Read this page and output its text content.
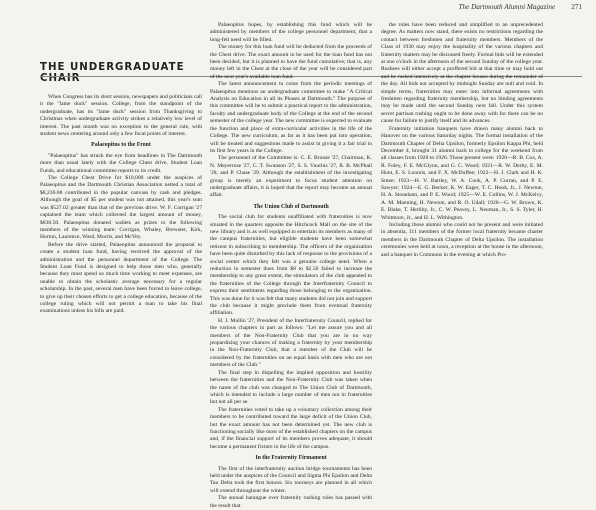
The Dartmouth Alumni Magazine 271
THE UNDERGRADUATE CHAIR

When Congress has its short session, newspapers and politicians call it the "lame duck" session. College, from the standpoint of the undergraduate, has its "lame duck" session from Thanksgiving to Christmas when undergraduate activity strikes a relatively low level of interest. The past month was no exception to the general rule, with student news centering around only a few focal points of interest.

Palaeopitus to the Front

"Palaeopitus" has struck the eye from headlines in The Dartmouth more than usual lately with the College Chest drive, Student Loan Funds, and educational committee reports to its credit.

The College Chest Drive for $10,000 under the auspices of Palaeopitus and the Dartmouth Christian Association netted a total of $8,236.08 contributed in the popular canvass by cash and pledges. Although the goal of $5 per student was not attained, this year's sum was $527.02 greater than that of the previous drive. W. F. Corrigan '27 captained the team which collected the largest amount of money, $838.50. Palaeopitus donated wallets as prizes to the following members of the winning team: Corrigan, Whaley, Brewster, Kirk, Horton, Laurence, Ward, Morris, and McVey.

Before the drive started, Palaeopitus announced the proposal to create a student loan fund, having received the approval of the administration and the personnel department of the College. The Student Loan Fund is designed to help those men who, generally because they must spend so much time working to meet expenses, are unable to obtain the scholastic average necessary for a regular scholarship. In the past, several men have been forced to leave college, to give up their chosen efforts to get a college education, because of the college ruling which will not permit a man to take his final examinations unless his bills are paid.

Palaeopitus hopes, by establishing this fund which will be administered by members of the college personnel department, that a long-felt need will be filled.

The money for this loan fund will be deducted from the proceeds of the Chest drive. The exact amount to be used for the loan fund has not been decided, but it is planned to have the fund cumulative; that is, any money left in the Chest at the close of the year will be considered part of the next year's available loan fund.

The latest announcement to come from the periodic meetings of Palaeopitus mentions an undergraduate committee to make "A Critical Analysis on Education in all its Phases at Dartmouth." The purpose of this committee will be to submit a practical report to the administration, faculty and undergraduate body of the College at the end of the second semester of the college year. The new committee is expected to evaluate the function and place of extra-curricular activities in the life of the College. The new curriculum, as far as it has been put into operation, will be treated and suggestions made to assist in giving it a fair trial in its first few years in the College.

The personnel of the Committee is: C. E. Brouse '27, Chairman, K. N. Meyerrose '27, C. T. Swanson '27, S. S. Vuorhis '27, R. B. McPhail '28, and P. Chase '29. Although the establishment of the investigating group is merely an experiment to focus student attention on undergraduate affairs, it is hoped that the report may become an annual affair.

The Union Club of Dartmouth

The social club for students unaffiliated with fraternities is now situated in the quarters opposite the Hitchcock Mall on the site of the new library and is as well equipped to entertain its members as many of the campus fraternities, but eligible students have been somewhat reticent in subscribing to membership. The officers of the organization have been quite disturbed by this lack of response to the provisions of a social center which they felt was a genuine college need. When a reduction in semester dues from $8 to $2.50 failed to increase the membership to any great extent, the stimulators of the club appealed to the fraternities of the College through the Interfraternity Council to express their sentiments regarding those belonging to the organization. This was done for it was felt that many students did not join and support the club because it might preclude them from eventual fraternity affiliation.

H. J. Mullin '27, President of the Interfraternity Council, replied for the various chapters in part as follows: "Let me assure you and all members of the Non-Fraternity Club that you are in no way jeopardizing your chances of making a fraternity by your membership in the Non-Fraternity Club, that a member of the Club will be considered by the fraternities on an equal basis with men who are not members of the Club."

The final step in dispelling the implied opposition and hostility between the fraternities and the Non-Fraternity Club was taken when the name of the club was changed to The Union Club of Dartmouth, which is intended to include a large number of men not in fraternities but not all per se.

The fraternities voted to take up a voluntary collection among their members to be contributed toward the large deficit of the Union Club, but the exact amount has not been determined yet. The new club is functioning socially like most of the established chapters on the campus and, if the financial support of its members proves adequate, it should become a permanent fixture in the life of the campus.

In the Fraternity Firmament

The first of the interfraternity auction bridge tournaments has been held under the auspices of the Council and Sigma Phi Epsilon and Delta Tau Delta took the first honors. Six tourneys are planned in all which will extend throughout the winter.

The annual harangue over fraternity rushing rules has passed with the result that

the rules have been reduced and simplified to an unprecedented degree. As matters now stand, there exists no restrictions regarding the contact between freshmen and fraternity members. Members of the Class of 1930 may enjoy the hospitality of the various chapters and fraternity matters may be discussed freely. Formal bids will be extended at one o'clock in the afternoon of the second Sunday of the college year. Rushees will either accept a proffered bid at that time or may hold out and be rushed intensively at the chapter houses during the remainder of the day. All bids not accepted by midnight Sunday are null and void. In simple terms, fraternities may enter into informal agreements with freshmen regarding fraternity membership, but no binding agreements may be made until the second Sunday next fall. Under this system secret partisan rushing ought to be done away with for there can be no cause for failure to justify itself and its advances.

Fraternity initiation banquets have drawn many alumni back to Hanover on the various Saturday nights. The formal installation of the Dartmouth Chapter of Delta Upsilon, formerly Epsilon Kappa Phi, held December 4, brought 31 alumni back to college for the weekend from all classes from 1920 to 1926. Those present were: 1920—R. B. Cox, A. R. Foley, F. E. McGlynn, and G. C. Wood; 1921—R. W. Derby, E. M. Hunt, E. S. Loomis, and F. X. McDuffee; 1922—H. J. Clark and H. K. Smee; 1923—H. V. Bartley, W. A. Cook, A. P. Curran, and P. E. Sawyer; 1924—E. G. Becker, K. W. Eager, T. C. Hook, Jr., J. Newton, H. A. Stoneham, and P. E. Wood; 1925—W. E. Collins, W. J. McKelvy, A. M. Manning, H. Newton, and R. O. Udall; 1926—G. W. Brown, K. E. Blake, T. Herlihy, Jr., C. W. Peavey, L. Neuman, Jr., S. S. Tyler, H. Whitmore, Jr., and H. L. Withington.

Including those alumni who could not be present and were initiated in absentia, 111 members of the former local fraternity became charter members in the Dartmouth Chapter of Delta Upsilon. The installation ceremonies were held at noon, a reception at the house in the afternoon, and a banquet in Commons in the evening at which Pro-
